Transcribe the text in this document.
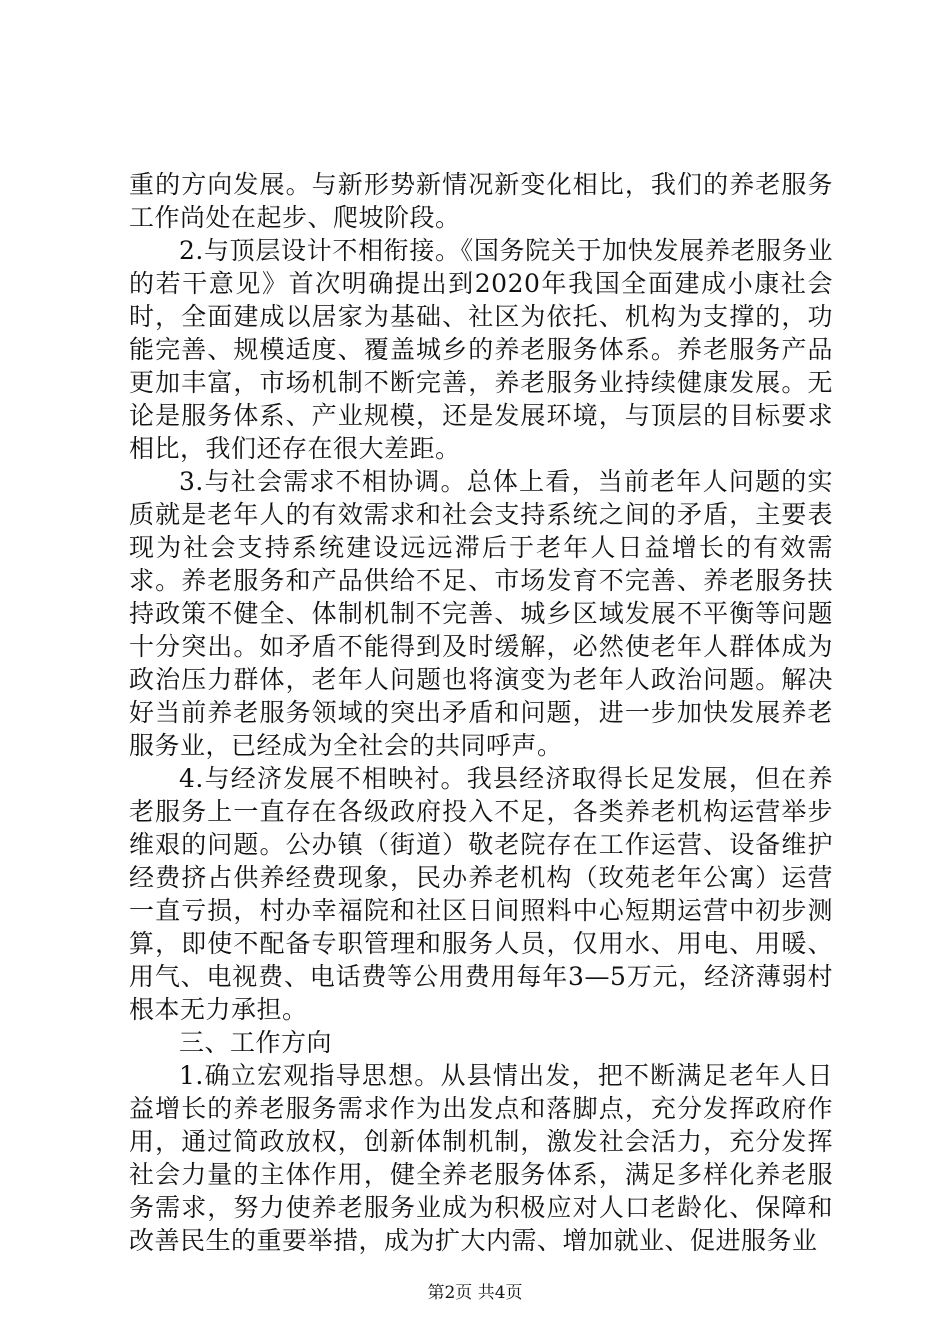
重的方向发展。与新形势新情况新变化相比，我们的养老服务工作尚处在起步、爬坡阶段。

2.与顶层设计不相衔接。《国务院关于加快发展养老服务业的若干意见》首次明确提出到2020年我国全面建成小康社会时，全面建成以居家为基础、社区为依托、机构为支撑的，功能完善、规模适度、覆盖城乡的养老服务体系。养老服务产品更加丰富，市场机制不断完善，养老服务业持续健康发展。无论是服务体系、产业规模，还是发展环境，与顶层的目标要求相比，我们还存在很大差距。

3.与社会需求不相协调。总体上看，当前老年人问题的实质就是老年人的有效需求和社会支持系统之间的矛盾，主要表现为社会支持系统建设远远滞后于老年人日益增长的有效需求。养老服务和产品供给不足、市场发育不完善、养老服务扶持政策不健全、体制机制不完善、城乡区域发展不平衡等问题十分突出。如矛盾不能得到及时缓解，必然使老年人群体成为政治压力群体，老年人问题也将演变为老年人政治问题。解决好当前养老服务领域的突出矛盾和问题，进一步加快发展养老服务业，已经成为全社会的共同呼声。

4.与经济发展不相映衬。我县经济取得长足发展，但在养老服务上一直存在各级政府投入不足，各类养老机构运营举步维艰的问题。公办镇（街道）敬老院存在工作运营、设备维护经费挤占供养经费现象，民办养老机构（玫苑老年公寓）运营一直亏损，村办幸福院和社区日间照料中心短期运营中初步测算，即使不配备专职管理和服务人员，仅用水、用电、用暖、用气、电视费、电话费等公用费用每年3—5万元，经济薄弱村根本无力承担。

三、工作方向

1.确立宏观指导思想。从县情出发，把不断满足老年人日益增长的养老服务需求作为出发点和落脚点，充分发挥政府作用，通过简政放权，创新体制机制，激发社会活力，充分发挥社会力量的主体作用，健全养老服务体系，满足多样化养老服务需求，努力使养老服务业成为积极应对人口老龄化、保障和改善民生的重要举措，成为扩大内需、增加就业、促进服务业

第2页 共4页
